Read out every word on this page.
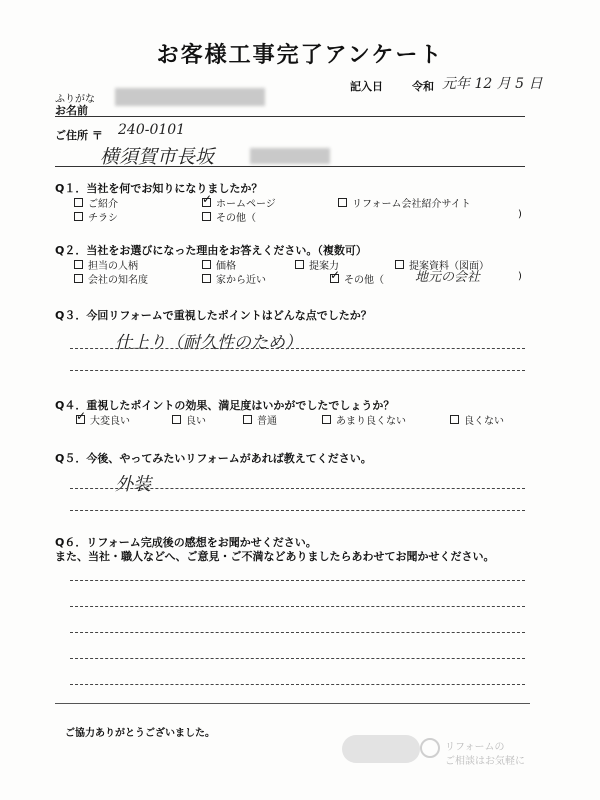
お客様工事完了アンケート
記入日	令和 元年 12 月 5 日
ふりがな
お名前
ご住所 〒 240-0101
横須賀市長坂
Q１．当社を何でお知りになりましたか？
ご紹介 ✓	ホームページ	リフォーム会社紹介サイト
チラシ	その他（	)
Q２．当社をお選びになった理由をお答えください。（複数可）
担当の人柄	価格	提案力	提案資料（図面）
会社の知名度	家から近い ✓	その他（ 地元の会社	)
Q３．今回リフォームで重視したポイントはどんな点でしたか？
仕上り（耐久性のため）
Q４．重視したポイントの効果、満足度はいかがでしたでしょうか？
✓
大変良い	良い	普通	あまり良くない	良くない
Q５．今後、やってみたいリフォームがあれば教えてください。
外装
Q６．リフォーム完成後の感想をお聞かせください。
また、当社・職人などへ、ご意見・ご不満などありましたらあわせてお聞かせください。
ご協力ありがとうございました。
リフォームの
ご相談はお気軽に
